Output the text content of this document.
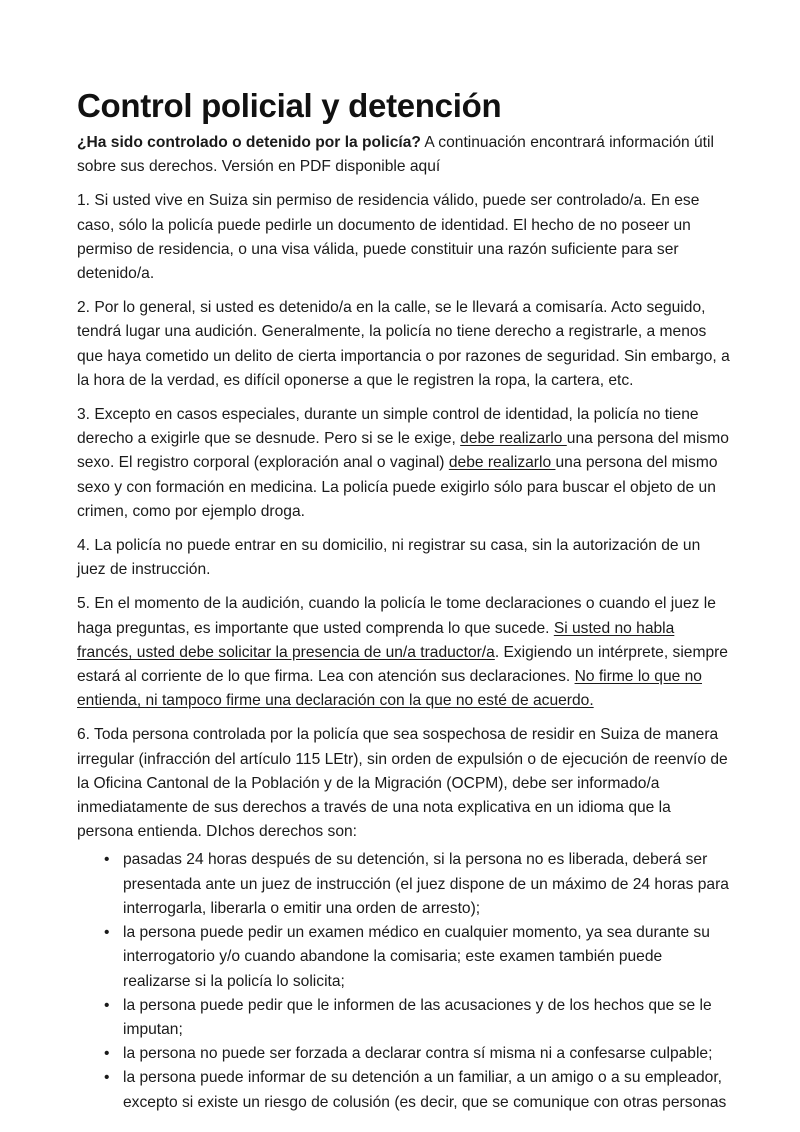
Control policial y detención

¿Ha sido controlado o detenido por la policía? A continuación encontrará información útil sobre sus derechos. Versión en PDF disponible aquí

1. Si usted vive en Suiza sin permiso de residencia válido, puede ser controlado/a. En ese caso, sólo la policía puede pedirle un documento de identidad. El hecho de no poseer un permiso de residencia, o una visa válida, puede constituir una razón suficiente para ser detenido/a.

2. Por lo general, si usted es detenido/a en la calle, se le llevará a comisaría. Acto seguido, tendrá lugar una audición. Generalmente, la policía no tiene derecho a registrarle, a menos que haya cometido un delito de cierta importancia o por razones de seguridad. Sin embargo, a la hora de la verdad, es difícil oponerse a que le registren la ropa, la cartera, etc.

3. Excepto en casos especiales, durante un simple control de identidad, la policía no tiene derecho a exigirle que se desnude. Pero si se le exige, debe realizarlo una persona del mismo sexo. El registro corporal (exploración anal o vaginal) debe realizarlo una persona del mismo sexo y con formación en medicina. La policía puede exigirlo sólo para buscar el objeto de un crimen, como por ejemplo droga.

4. La policía no puede entrar en su domicilio, ni registrar su casa, sin la autorización de un juez de instrucción.

5. En el momento de la audición, cuando la policía le tome declaraciones o cuando el juez le haga preguntas, es importante que usted comprenda lo que sucede. Si usted no habla francés, usted debe solicitar la presencia de un/a traductor/a. Exigiendo un intérprete, siempre estará al corriente de lo que firma. Lea con atención sus declaraciones. No firme lo que no entienda, ni tampoco firme una declaración con la que no esté de acuerdo.

6. Toda persona controlada por la policía que sea sospechosa de residir en Suiza de manera irregular (infracción del artículo 115 LEtr), sin orden de expulsión o de ejecución de reenvío de la Oficina Cantonal de la Población y de la Migración (OCPM), debe ser informado/a inmediatamente de sus derechos a través de una nota explicativa en un idioma que la persona entienda. DIchos derechos son:

• pasadas 24 horas después de su detención, si la persona no es liberada, deberá ser presentada ante un juez de instrucción (el juez dispone de un máximo de 24 horas para interrogarla, liberarla o emitir una orden de arresto);
• la persona puede pedir un examen médico en cualquier momento, ya sea durante su interrogatorio y/o cuando abandone la comisaria; este examen también puede realizarse si la policía lo solicita;
• la persona puede pedir que le informen de las acusaciones y de los hechos que se le imputan;
• la persona no puede ser forzada a declarar contra sí misma ni a confesarse culpable;
• la persona puede informar de su detención a un familiar, a un amigo o a su empleador, excepto si existe un riesgo de colusión (es decir, que se comunique con otras personas
